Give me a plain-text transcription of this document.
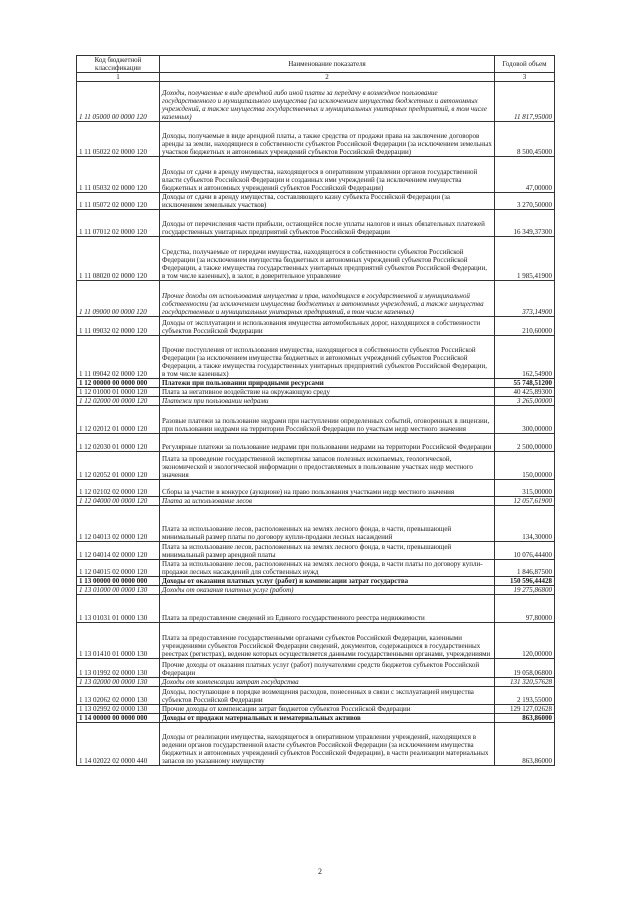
Код бюджетной классификации	Наименование показателя	Годовой объем
1	2	3
1 11 05000 00 0000 120	Доходы, получаемые в виде арендной либо иной платы за передачу в возмездное пользование государственного и муниципального имущества (за исключением имущества бюджетных и автономных учреждений, а также имущества государственных и муниципальных унитарных предприятий, в том числе казенных)	11 817,95000
1 11 05022 02 0000 120	Доходы, получаемые в виде арендной платы, а также средства от продажи права на заключение договоров аренды за земли, находящиеся в собственности субъектов Российской Федерации (за исключением земельных участков бюджетных и автономных учреждений субъектов Российской Федерации)	8 500,45000
1 11 05032 02 0000 120	Доходы от сдачи в аренду имущества, находящегося в оперативном управлении органов государственной власти субъектов Российской Федерации и созданных ими учреждений (за исключением имущества бюджетных и автономных учреждений субъектов Российской Федерации)	47,00000
1 11 05072 02 0000 120	Доходы от сдачи в аренду имущества, составляющего казну субъекта Российской Федерации (за исключением земельных участков)	3 270,50000
1 11 07012 02 0000 120	Доходы от перечисления части прибыли, остающейся после уплаты налогов и иных обязательных платежей государственных унитарных предприятий субъектов Российской Федерации	16 349,37300
1 11 08020 02 0000 120	Средства, получаемые от передачи имущества, находящегося в собственности субъектов Российской Федерации (за исключением имущества бюджетных и автономных учреждений субъектов Российской Федерации, а также имущества государственных унитарных предприятий субъектов Российской Федерации, в том числе казенных), в залог, в доверительное управление	1 985,41900
1 11 09000 00 0000 120	Прочие доходы от использования имущества и прав, находящихся в государственной и муниципальной собственности (за исключением имущества бюджетных и автономных учреждений, а также имущества государственных и муниципальных унитарных предприятий, в том числе казенных)	373,14900
1 11 09032 02 0000 120	Доходы от эксплуатации и использования имущества автомобильных дорог, находящихся в собственности субъектов Российской Федерации	210,60000
1 11 09042 02 0000 120	Прочие поступления от использования имущества, находящегося в собственности субъектов Российской Федерации (за исключением имущества бюджетных и автономных учреждений субъектов Российской Федерации, а также имущества государственных унитарных предприятий субъектов Российской Федерации, в том числе казенных)	162,54900
1 12 00000 00 0000 000	Платежи при пользовании природными ресурсами	55 748,51200
1 12 01000 01 0000 120	Плата за негативное воздействие на окружающую среду	40 425,89300
1 12 02000 00 0000 120	Платежи при пользовании недрами	3 265,00000
1 12 02012 01 0000 120	Разовые платежи за пользование недрами при наступлении определенных событий, оговоренных в лицензии, при пользовании недрами на территории Российской Федерации по участкам недр местного значения	300,00000
1 12 02030 01 0000 120	Регулярные платежи за пользование недрами при пользовании недрами на территории Российской Федерации	2 500,00000
1 12 02052 01 0000 120	Плата за проведение государственной экспертизы запасов полезных ископаемых, геологической, экономической и экологической информации о предоставляемых в пользование участках недр местного значения	150,00000
1 12 02102 02 0000 120	Сборы за участие в конкурсе (аукционе) на право пользования участками недр местного значения	315,00000
1 12 04000 00 0000 120	Плата за использование лесов	12 057,61900
1 12 04013 02 0000 120	Плата за использование лесов, расположенных на землях лесного фонда, в части, превышающей минимальный размер платы по договору купли-продажи лесных насаждений	134,30000
1 12 04014 02 0000 120	Плата за использование лесов, расположенных на землях лесного фонда, в части, превышающей минимальный размер арендной платы	10 076,44400
1 12 04015 02 0000 120	Плата за использование лесов, расположенных на землях лесного фонда, в части платы по договору купли-продажи лесных насаждений для собственных нужд	1 846,87500
1 13 00000 00 0000 000	Доходы от оказания платных услуг (работ) и компенсации затрат государства	150 596,44428
1 13 01000 00 0000 130	Доходы от оказания платных услуг (работ)	19 275,86800
1 13 01031 01 0000 130	Плата за предоставление сведений из Единого государственного реестра недвижимости	97,80000
1 13 01410 01 0000 130	Плата за предоставление государственными органами субъектов Российской Федерации, казенными учреждениями субъектов Российской Федерации сведений, документов, содержащихся в государственных реестрах (регистрах), ведение которых осуществляется данными государственными органами, учреждениями	120,00000
1 13 01992 02 0000 130	Прочие доходы от оказания платных услуг (работ) получателями средств бюджетов субъектов Российской Федерации	19 058,06800
1 13 02000 00 0000 130	Доходы от компенсации затрат государства	131 320,57628
1 13 02062 02 0000 130	Доходы, поступающие в порядке возмещения расходов, понесенных в связи с эксплуатацией имущества субъектов Российской Федерации	2 193,55000
1 13 02992 02 0000 130	Прочие доходы от компенсации затрат бюджетов субъектов Российской Федерации	129 127,02628
1 14 00000 00 0000 000	Доходы от продажи материальных и нематериальных активов	863,86000
1 14 02022 02 0000 440	Доходы от реализации имущества, находящегося в оперативном управлении учреждений, находящихся в ведении органов государственной власти субъектов Российской Федерации (за исключением имущества бюджетных и автономных учреждений субъектов Российской Федерации), в части реализации материальных запасов по указанному имуществу	863,86000
2
